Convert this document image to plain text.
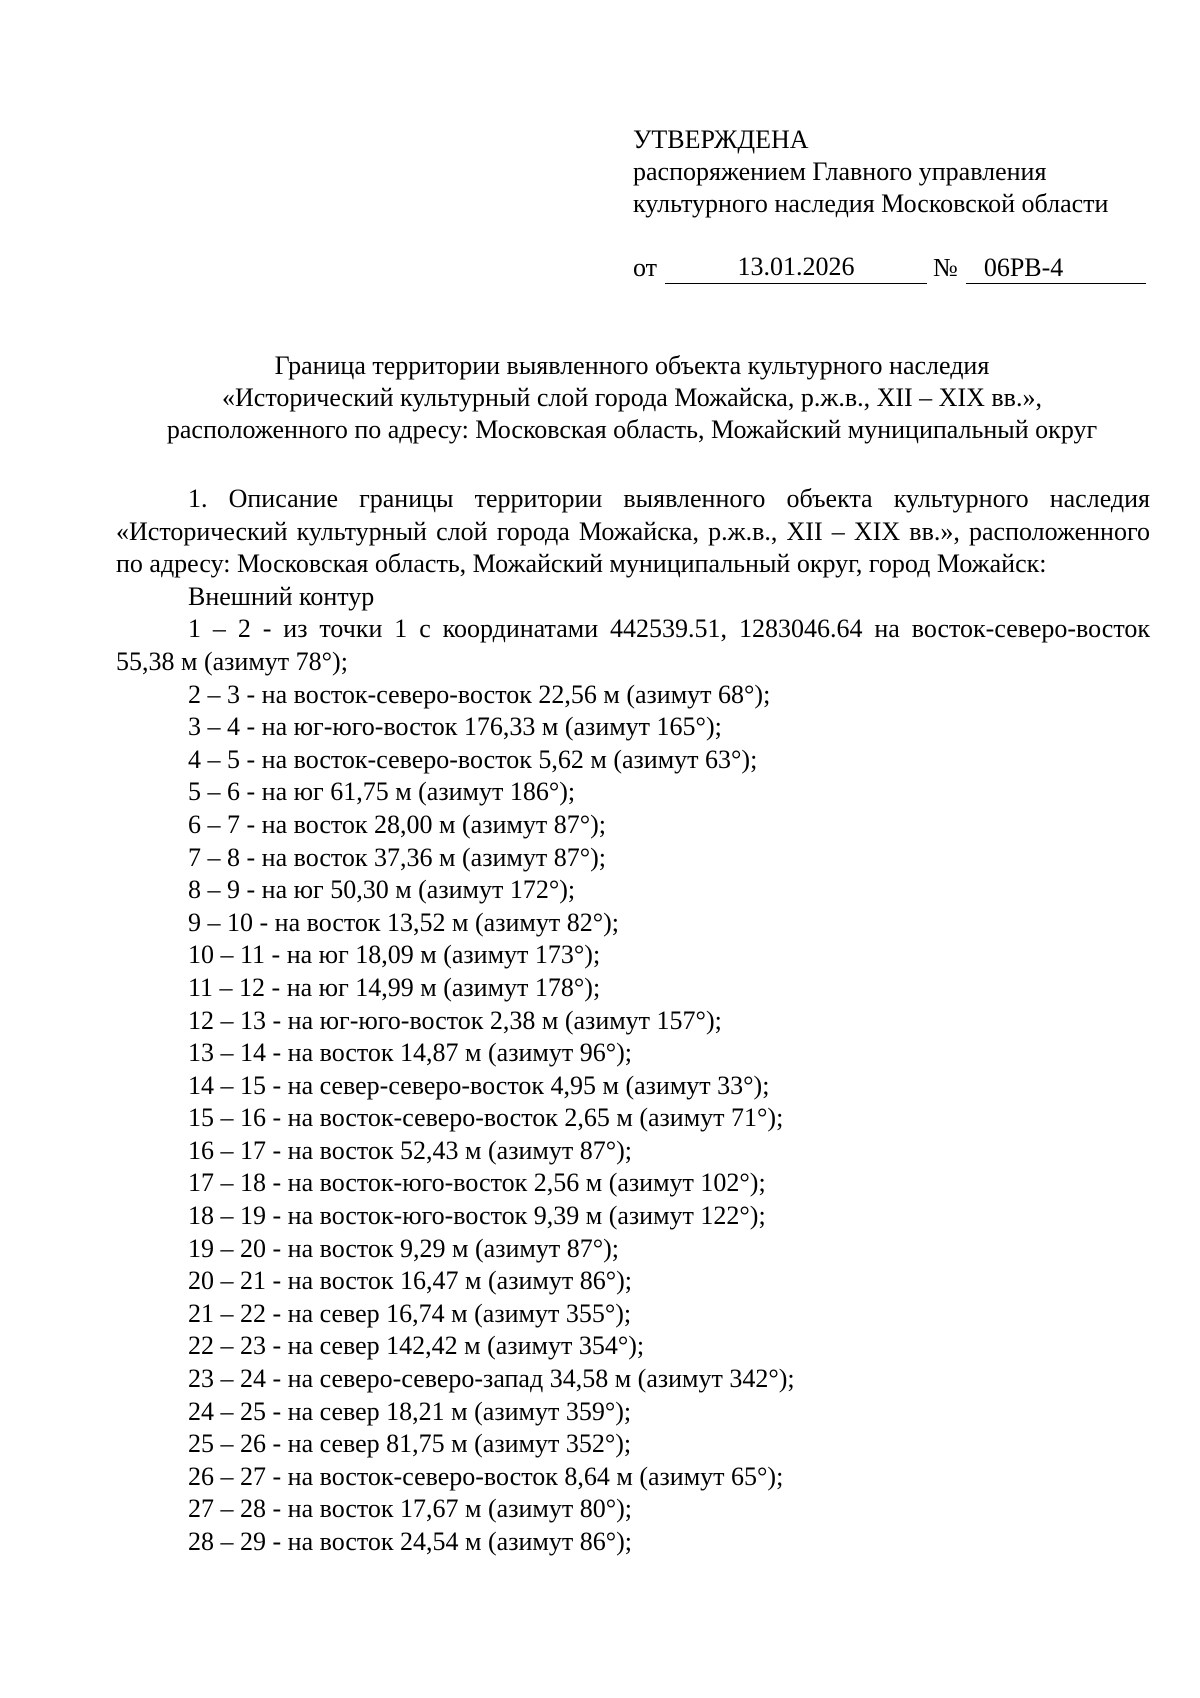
УТВЕРЖДЕНА
распоряжением Главного управления
культурного наследия Московской области
от	13.01.2026	№	06РВ-4
Граница территории выявленного объекта культурного наследия
«Исторический культурный слой города Можайска, р.ж.в., XII – XIX вв.»,
расположенного по адресу: Московская область, Можайский муниципальный округ

1. Описание границы территории выявленного объекта культурного наследия «Исторический культурный слой города Можайска, р.ж.в., XII – XIX вв.», расположенного по адресу: Московская область, Можайский муниципальный округ, город Можайск:

Внешний контур

1 – 2 - из точки 1 с координатами 442539.51, 1283046.64 на восток-северо-восток 55,38 м (азимут 78°);

2 – 3 - на восток-северо-восток 22,56 м (азимут 68°);

3 – 4 - на юг-юго-восток 176,33 м (азимут 165°);

4 – 5 - на восток-северо-восток 5,62 м (азимут 63°);

5 – 6 - на юг 61,75 м (азимут 186°);

6 – 7 - на восток 28,00 м (азимут 87°);

7 – 8 - на восток 37,36 м (азимут 87°);

8 – 9 - на юг 50,30 м (азимут 172°);

9 – 10 - на восток 13,52 м (азимут 82°);

10 – 11 - на юг 18,09 м (азимут 173°);

11 – 12 - на юг 14,99 м (азимут 178°);

12 – 13 - на юг-юго-восток 2,38 м (азимут 157°);

13 – 14 - на восток 14,87 м (азимут 96°);

14 – 15 - на север-северо-восток 4,95 м (азимут 33°);

15 – 16 - на восток-северо-восток 2,65 м (азимут 71°);

16 – 17 - на восток 52,43 м (азимут 87°);

17 – 18 - на восток-юго-восток 2,56 м (азимут 102°);

18 – 19 - на восток-юго-восток 9,39 м (азимут 122°);

19 – 20 - на восток 9,29 м (азимут 87°);

20 – 21 - на восток 16,47 м (азимут 86°);

21 – 22 - на север 16,74 м (азимут 355°);

22 – 23 - на север 142,42 м (азимут 354°);

23 – 24 - на северо-северо-запад 34,58 м (азимут 342°);

24 – 25 - на север 18,21 м (азимут 359°);

25 – 26 - на север 81,75 м (азимут 352°);

26 – 27 - на восток-северо-восток 8,64 м (азимут 65°);

27 – 28 - на восток 17,67 м (азимут 80°);

28 – 29 - на восток 24,54 м (азимут 86°);
